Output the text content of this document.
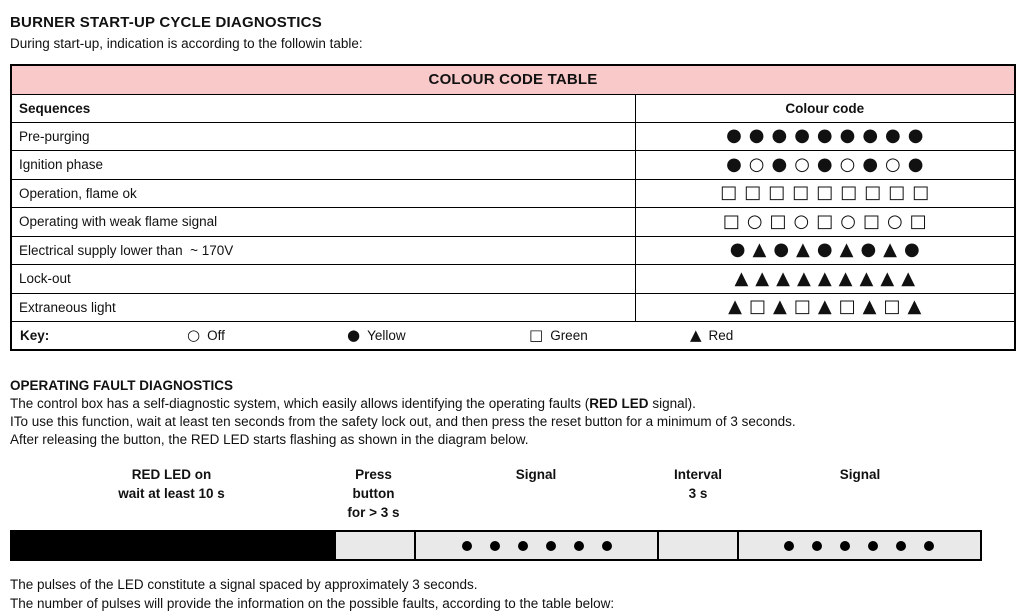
BURNER START-UP CYCLE DIAGNOSTICS
During start-up, indication is according to the followin table:
COLOUR CODE TABLE	
Sequences	Colour code
Pre-purging	●●●●●●●●●
Ignition phase	●○●○●○●○●
Operation, flame ok	□□□□□□□□□
Operating with weak flame signal	□○□○□○□○□
Electrical supply lower than  ~ 170V	●▲●▲●▲●▲●
Lock-out	▲▲▲▲▲▲▲▲▲
Extraneous light	▲□▲□▲□▲□▲

Key:	○ Off	● Yellow	□ Green	▲ Red
OPERATING FAULT DIAGNOSTICS
The control box has a self-diagnostic system, which easily allows identifying the operating faults (RED LED signal).
ITo use this function, wait at least ten seconds from the safety lock out, and then press the reset button for a minimum of 3 seconds.
After releasing the button, the RED LED starts flashing as shown in the diagram below.
RED LED on
wait at least 10 s
Press button
for > 3 s
Signal	Interval
3 s
Signal
The pulses of the LED constitute a signal spaced by approximately 3 seconds.
The number of pulses will provide the information on the possible faults, according to the table below:
